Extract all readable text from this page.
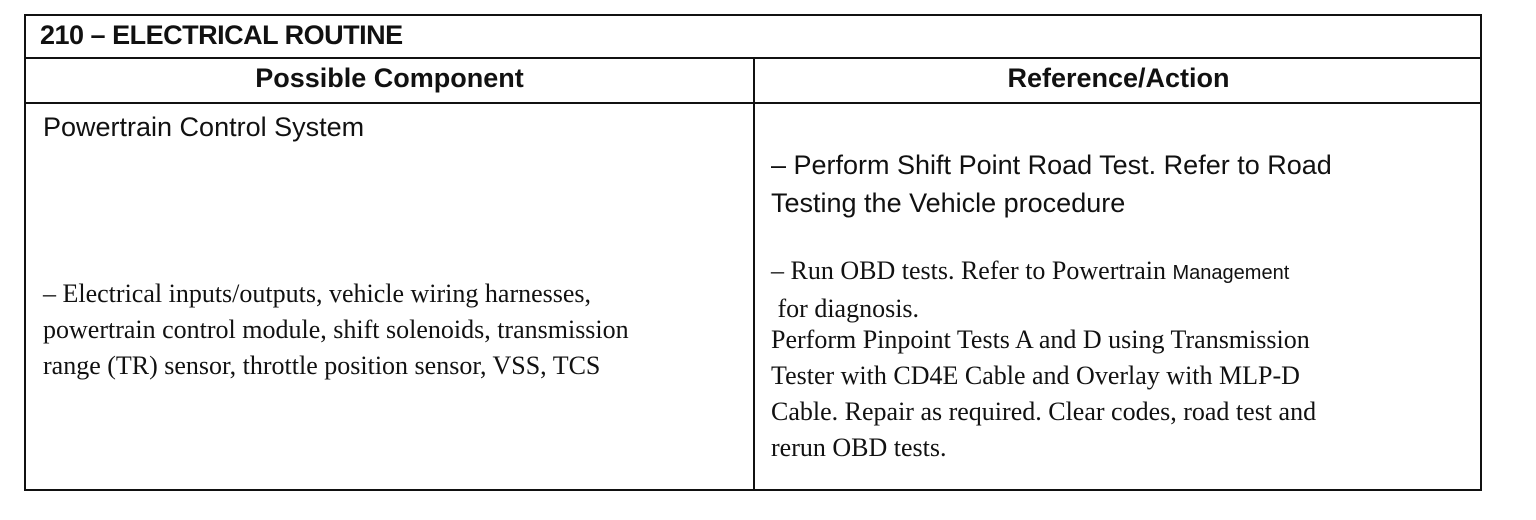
210 – ELECTRICAL ROUTINE
Possible Component	Reference/Action
Powertrain Control System
– Electrical inputs/outputs, vehicle wiring harnesses,
powertrain control module, shift solenoids, transmission
range (TR) sensor, throttle position sensor, VSS, TCS
– Perform Shift Point Road Test. Refer to Road
Testing the Vehicle procedure
– Run OBD tests. Refer to Powertrain Management
for diagnosis.
Perform Pinpoint Tests A and D using Transmission
Tester with CD4E Cable and Overlay with MLP-D
Cable. Repair as required. Clear codes, road test and
rerun OBD tests.
